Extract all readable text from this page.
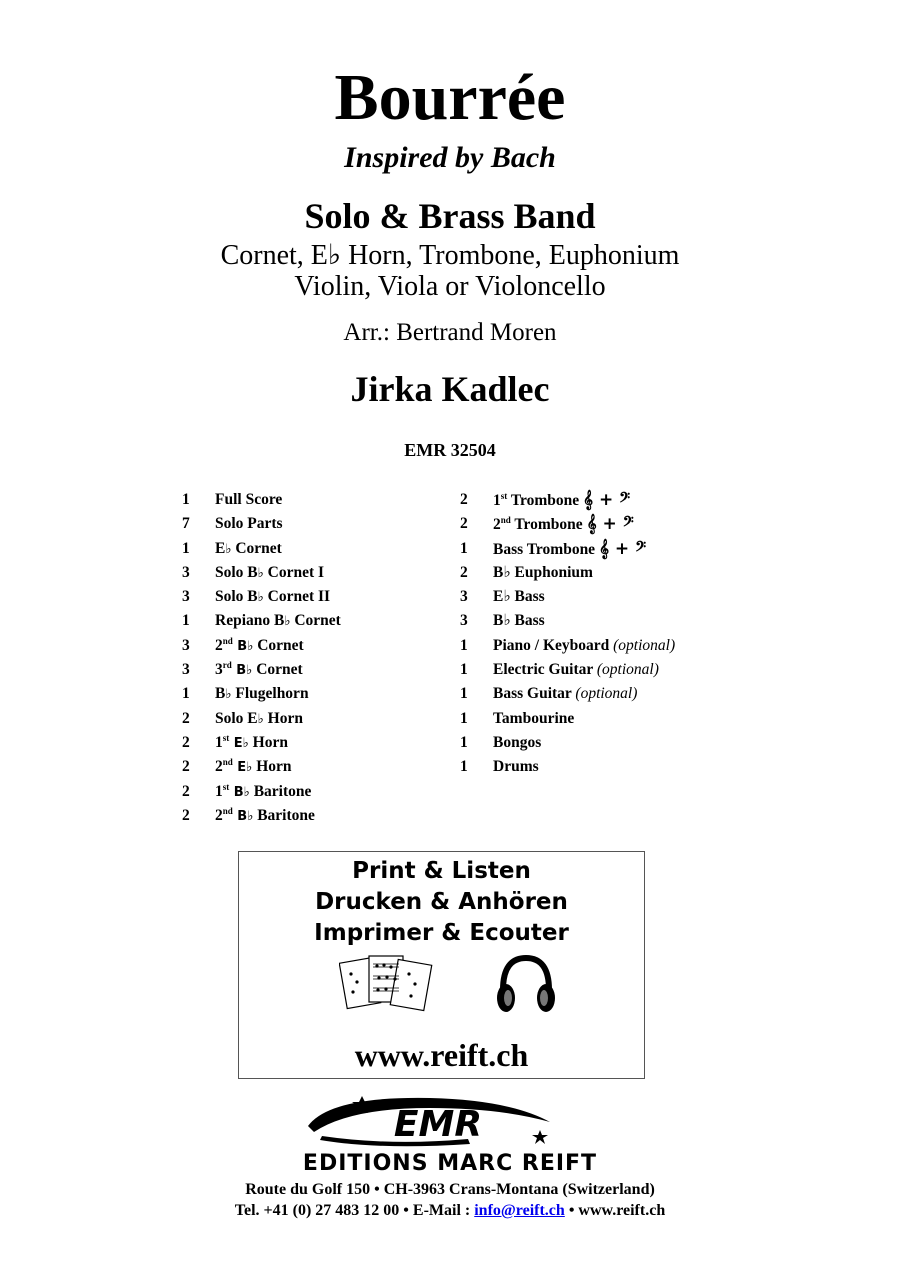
Bourrée
Inspired by Bach
Solo & Brass Band
Cornet, E♭ Horn, Trombone, Euphonium
Violin, Viola or Violoncello
Arr.: Bertrand Moren
Jirka Kadlec
EMR 32504
1	Full Score
7	Solo Parts
1	E♭ Cornet
3	Solo B♭ Cornet I
3	Solo B♭ Cornet II
1	Repiano B♭ Cornet
3	2nd B♭ Cornet
3	3rd B♭ Cornet
1	B♭ Flugelhorn
2	Solo E♭ Horn
2	1st E♭ Horn
2	2nd E♭ Horn
2	1st B♭ Baritone
2	2nd B♭ Baritone
2	1st Trombone 𝄞 + 𝄢
2	2nd Trombone 𝄞 + 𝄢
1	Bass Trombone 𝄞 + 𝄢
2	B♭ Euphonium
3	E♭ Bass
3	B♭ Bass
1	Piano / Keyboard (optional)
1	Electric Guitar (optional)
1	Bass Guitar (optional)
1	Tambourine
1	Bongos
1	Drums
Print & Listen
Drucken & Anhören
Imprimer & Ecouter
www.reift.ch
EMR
EDITIONS MARC REIFT
Route du Golf 150 • CH-3963 Crans-Montana (Switzerland)
Tel. +41 (0) 27 483 12 00 • E-Mail : info@reift.ch • www.reift.ch
